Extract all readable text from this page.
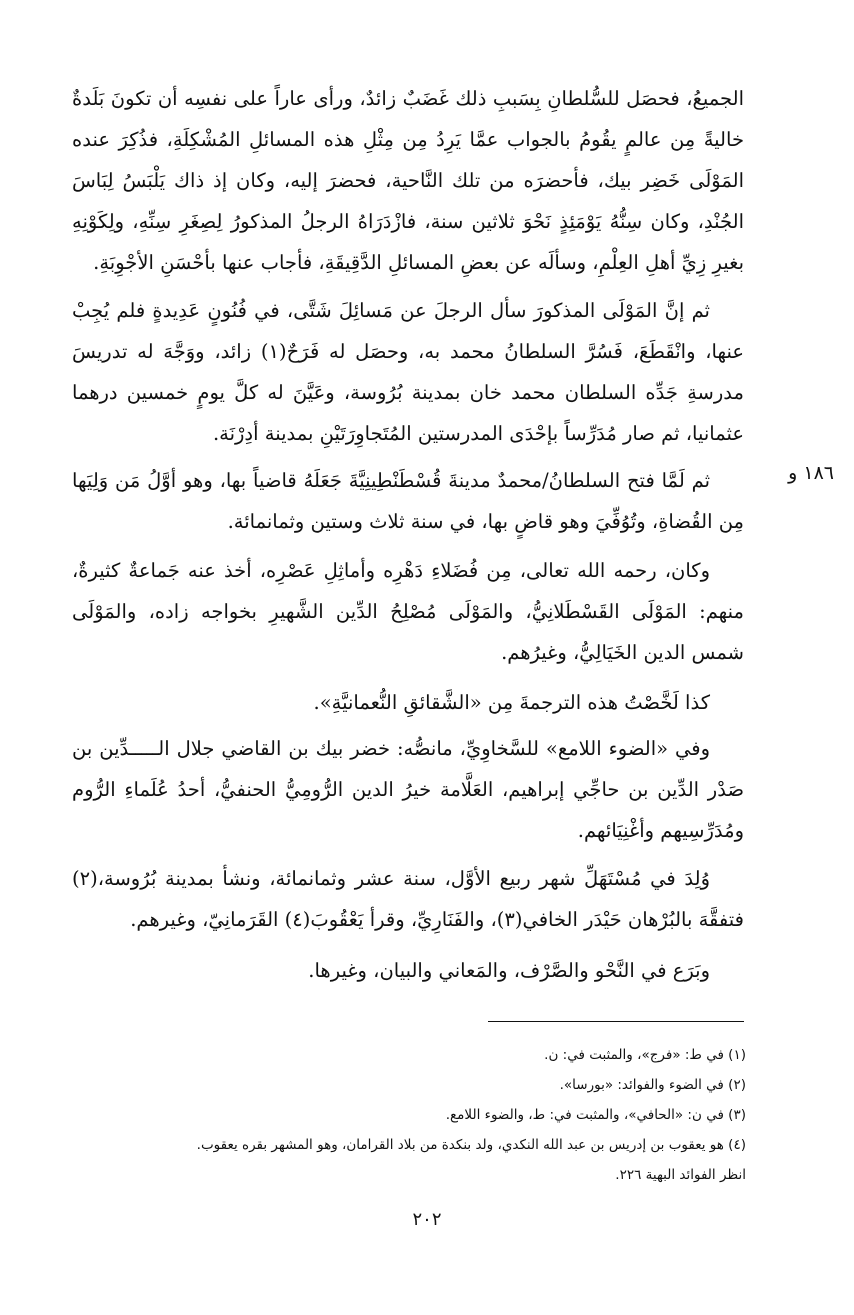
الجميعُ، فحصَل للسُّلطانِ بِسَببِ ذلك غَضَبٌ زائدٌ، ورأى عاراً على نفسِه أن تكونَ بَلَدةٌ خاليةً مِن عالمٍ يقُومُ بالجواب عمَّا يَرِدُ مِن مِثْلِ هذه المسائلِ المُشْكِلَةِ، فذُكِرَ عنده المَوْلَى خَضِر بيك، فأحضرَه من تلك النَّاحية، فحضرَ إليه، وكان إذ ذاك يَلْبَسُ لِبَاسَ الجُنْدِ، وكان سِنُّهُ يَوْمَئِذٍ نَحْوَ ثلاثين سنة، فازْدَرَاهُ الرجلُ المذكورُ لِصِغَرِ سِنِّهِ، ولِكَوْنِهِ بغيرِ زِيِّ أهلِ العِلْمِ، وسألَه عن بعضِ المسائلِ الدَّقِيقَةِ، فأجاب عنها بأحْسَنِ الأجْوِبَةِ.

ثم إنَّ المَوْلَى المذكورَ سأل الرجلَ عن مَسائِلَ شَتَّى، في فُنُونٍ عَدِيدةٍ فلم يُجِبْ عنها، وانْقَطَعَ، فَسُرَّ السلطانُ محمد به، وحصَل له فَرَحٌ(١) زائد، ووَجَّهَ له تدريسَ مدرسةِ جَدِّه السلطان محمد خان بمدينة بُرُوسة، وعَيَّنَ له كلَّ يومٍ خمسين درهما عثمانيا، ثم صار مُدَرِّساً بإحْدَى المدرستين المُتَجاوِرَتَيْنِ بمدينة أدِرْنَة.

١٨٦ و

ثم لَمَّا فتح السلطانُ/محمدٌ مدينةَ قُسْطَنْطِينِيَّةَ جَعَلَهُ قاضياً بها، وهو أوَّلُ مَن وَلِيَها مِن القُضاةِ، وتُوُفِّيَ وهو قاضٍ بها، في سنة ثلاث وستين وثمانمائة.

وكان، رحمه الله تعالى، مِن فُضَلاءِ دَهْرِه وأماثِلِ عَصْرِه، أخذ عنه جَماعةٌ كثيرةٌ، منهم: المَوْلَى القَسْطَلانِيُّ، والمَوْلَى مُصْلِحُ الدِّين الشَّهيرِ بخواجه زاده، والمَوْلَى شمس الدين الخَيَالِيُّ، وغيرُهم.

كذا لَخَّصْتُ هذه الترجمةَ مِن «الشَّقائقِ النُّعمانيَّةِ».

وفي «الضوء اللامع» للسَّخاوِيِّ، مانصُّه: خضر بيك بن القاضي جلال الـــــدِّين بن صَدْر الدِّين بن حاجِّي إبراهيم، العَلَّامة خيرُ الدين الرُّومِيُّ الحنفيُّ، أحدُ عُلَماءِ الرُّوم ومُدَرِّسِيهم وأغْنِيَائهم.

وُلِدَ في مُسْتَهَلِّ شهر ربيع الأوَّل، سنة عشر وثمانمائة، ونشأ بمدينة بُرُوسة،(٢) فتفقَّهَ بالبُرْهان حَيْدَر الخافي(٣)، والفَنَارِيِّ، وقرأ يَعْقُوبَ(٤) القَرَمانِيّ، وغيرهم.

وبَرَع في النَّحْو والصَّرْف، والمَعاني والبيان، وغيرها.

(١) في ط: «فرج»، والمثبت في: ن.

(٢) في الضوء والفوائد: «بورسا».

(٣) في ن: «الحافي»، والمثبت في: ط، والضوء اللامع.

(٤) هو يعقوب بن إدريس بن عبد الله النكدي، ولد بنكدة من بلاد القرامان، وهو المشهر بقره يعقوب.

انظر الفوائد البهية ٢٢٦.

٢٠٢
